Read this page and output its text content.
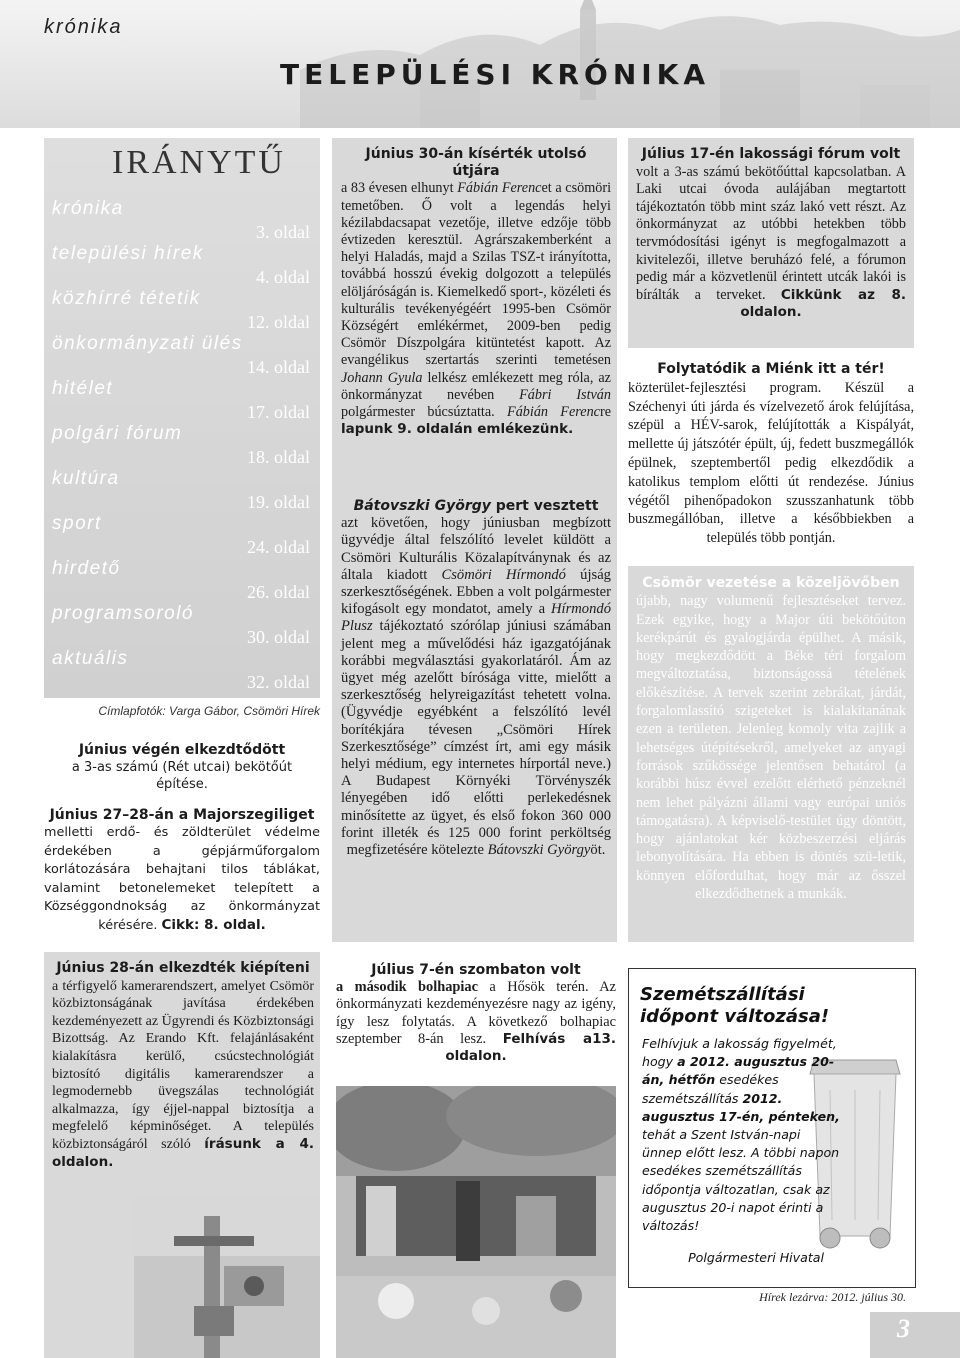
krónika
TELEPÜLÉSI KRÓNIKA
IRÁNYTŰ
krónika
3. oldal
települési hírek
4. oldal
közhírré tétetik
12. oldal
önkormányzati ülés
14. oldal
hitélet
17. oldal
polgári fórum
18. oldal
kultúra
19. oldal
sport
24. oldal
hirdető
26. oldal
programsoroló
30. oldal
aktuális
32. oldal
Címlapfotók: Varga Gábor, Csömöri Hírek
Június végén elkezdtődött
a 3-as számú (Rét utcai) bekötőút építése.
Június 27–28-án a Majorszegiliget
melletti erdő- és zöldterület védelme érdekében a gépjárműforgalom korlátozására behajtani tilos táblákat, valamint betonelemeket telepített a Községgondnokság az önkormányzat kérésére. Cikk: 8. oldal.
Június 28-án elkezdték kiépíteni
a térfigyelő kamerarendszert, amelyet Csömör közbiztonságának javítása érdekében kezdeményezett az Ügyrendi és Közbiztonsági Bizottság. Az Erando Kft. felajánlásaként kialakításra kerülő, csúcstechnológiát biztosító digitális kamerarendszer a legmodernebb üvegszálas technológiát alkalmazza, így éjjel-nappal biztosítja a megfelelő képminőséget. A település közbiztonságáról szóló írásunk a 4. oldalon.
Június 30-án kísérték utolsó útjára
a 83 évesen elhunyt Fábián Ferencet a csömöri temetőben. Ő volt a legendás helyi kézilabdacsapat vezetője, illetve edzője több évtizeden keresztül. Agrárszakemberként a helyi Haladás, majd a Szilas TSZ-t irányította, továbbá hosszú évekig dolgozott a település elöljáróságán is. Kiemelkedő sport-, közéleti és kulturális tevékenyégéért 1995-ben Csömör Községért emlékérmet, 2009-ben pedig Csömör Díszpolgára kitüntetést kapott. Az evangélikus szertartás szerinti temetésen Johann Gyula lelkész emlékezett meg róla, az önkormányzat nevében Fábri István polgármester búcsúztatta. Fábián Ferencre lapunk 9. oldalán emlékezünk.
Bátovszki György pert vesztett
azt követően, hogy júniusban megbízott ügyvédje által felszólító levelet küldött a Csömöri Kulturális Közalapítványnak és az általa kiadott Csömöri Hírmondó újság szerkesztőségének. Ebben a volt polgármester kifogásolt egy mondatot, amely a Hírmondó Plusz tájékoztató szórólap júniusi számában jelent meg a művelődési ház igazgatójának korábbi megválasztási gyakorlatáról. Ám az ügyet még azelőtt bírósága vitte, mielőtt a szerkesztőség helyreigazítást tehetett volna. (Ügyvédje egyébként a felszólító levél borítékjára tévesen „Csömöri Hírek Szerkesztősége” címzést írt, ami egy másik helyi médium, egy internetes hírportál neve.) A Budapest Környéki Törvényszék lényegében idő előtti perlekedésnek minősítette az ügyet, és első fokon 360 000 forint illeték és 125 000 forint perköltség megfizetésére kötelezte Bátovszki Györgyöt.
Július 7-én szombaton volt
a második bolhapiac a Hősök terén. Az önkormányzati kezdeményezésre nagy az igény, így lesz folytatás. A következő bolhapiac szeptember 8-án lesz. Felhívás a13. oldalon.
Július 17-én lakossági fórum volt
volt a 3-as számú bekötőúttal kapcsolatban. A Laki utcai óvoda aulájában megtartott tájékoztatón több mint száz lakó vett részt. Az önkormányzat az utóbbi hetekben több tervmódosítási igényt is megfogalmazott a kivitelezői, illetve beruházó felé, a fórumon pedig már a közvetlenül érintett utcák lakói is bírálták a terveket. Cikkünk az 8. oldalon.
Folytatódik a Miénk itt a tér!
közterület-fejlesztési program. Készül a Széchenyi úti járda és vízelvezető árok felújítása, szépül a HÉV-sarok, felújították a Kispályát, mellette új játszótér épült, új, fedett buszmegállók épülnek, szeptembertől pedig elkezdődik a katolikus templom előtti út rendezése. Június végétől pihenőpadokon szusszanhatunk több buszmegállóban, illetve a későbbiekben a település több pontján.
Csömör vezetése a közeljövőben
újabb, nagy volumenű fejlesztéseket tervez. Ezek egyike, hogy a Major úti bekötőúton kerékpárút és gyalogjárda épülhet. A másik, hogy megkezdődött a Béke téri forgalom megváltoztatása, biztonságossá tételének előkészítése. A tervek szerint zebrákat, járdát, forgalomlassító szigeteket is kialakítanának ezen a területen. Jelenleg komoly vita zajlik a lehetséges útépítésekről, amelyeket az anyagi források szűkössége jelentősen behatárol (a korábbi húsz évvel ezelőtt elérhető pénzeknél nem lehet pályázni állami vagy európai uniós támogatásra). A képviselő-testület úgy döntött, hogy ajánlatokat kér közbeszerzési eljárás lebonyolítására. Ha ebben is döntés szü-letik, könnyen előfordulhat, hogy már az ősszel elkezdődhetnek a munkák.
Szemétszállítási időpont változása!
Felhívjuk a lakosság figyelmét, hogy a 2012. augusztus 20-án, hétfőn esedékes szemétszállítás 2012. augusztus 17-én, pénteken, tehát a Szent István-napi ünnep előtt lesz. A többi napon esedékes szemétszállítás időpontja változatlan, csak az augusztus 20-i napot érinti a változás!
Polgármesteri Hivatal
Hírek lezárva: 2012. július 30.
3
